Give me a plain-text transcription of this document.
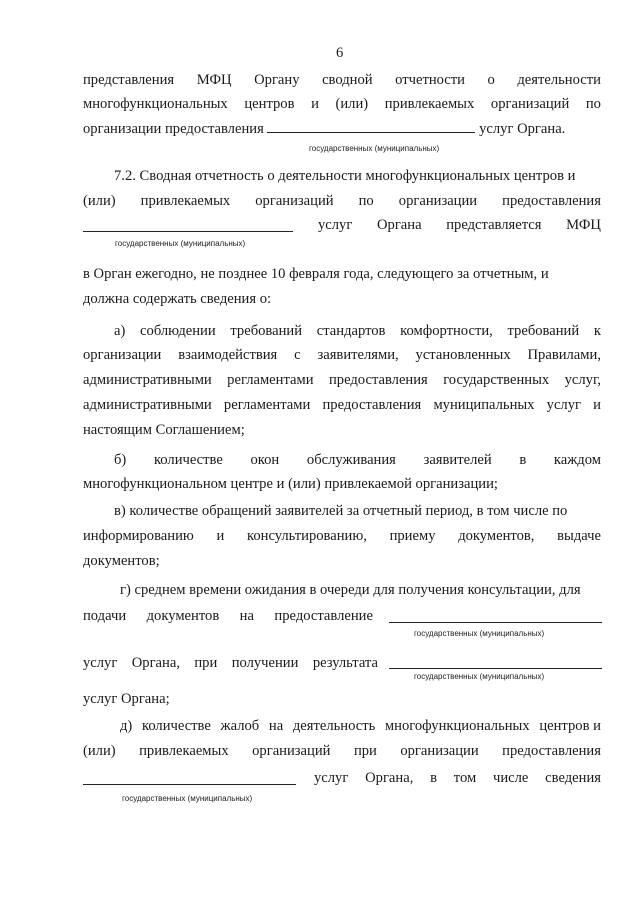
6
представления МФЦ Органу сводной отчетности о деятельности
многофункциональных центров и (или) привлекаемых организаций по
организации предоставления	услуг Органа.
государственных (муниципальных)
7.2. Сводная отчетность о деятельности многофункциональных центров и
(или) привлекаемых организаций по организации предоставления
услуг Органа представляется МФЦ
государственных (муниципальных)
в Орган ежегодно, не позднее 10 февраля года, следующего за отчетным, и
должна содержать сведения о:
а) соблюдении требований стандартов комфортности, требований к
организации взаимодействия с заявителями, установленных Правилами,
административными регламентами предоставления государственных услуг,
административными регламентами предоставления муниципальных услуг и
настоящим Соглашением;
б) количестве окон обслуживания заявителей в каждом
многофункциональном центре и (или) привлекаемой организации;
в) количестве обращений заявителей за отчетный период, в том числе по
информированию и консультированию, приему документов, выдаче
документов;
г) среднем времени ожидания в очереди для получения консультации, для
подачи документов на предоставление
государственных (муниципальных)
услуг Органа, при получении результата
государственных (муниципальных)
услуг Органа;
д) количестве жалоб на деятельность многофункциональных центров и
(или) привлекаемых организаций при организации предоставления
услуг Органа, в том числе сведения
государственных (муниципальных)
